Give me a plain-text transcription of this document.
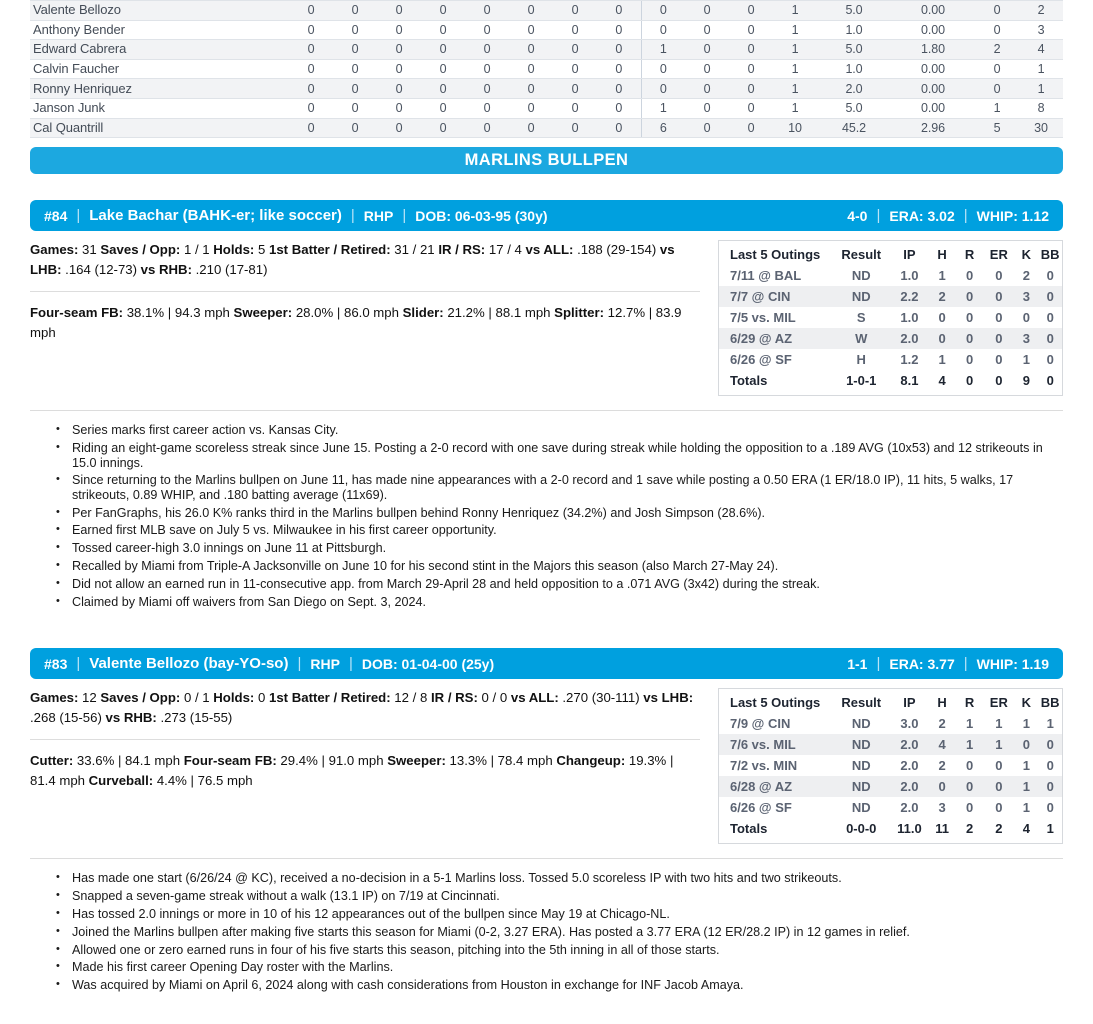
Valente Bellozo	0	0	0	0	0	0	0	0	0	0	0	1	5.0	0.00	0	2
Anthony Bender	0	0	0	0	0	0	0	0	0	0	0	1	1.0	0.00	0	3
Edward Cabrera	0	0	0	0	0	0	0	0	1	0	0	1	5.0	1.80	2	4
Calvin Faucher	0	0	0	0	0	0	0	0	0	0	0	1	1.0	0.00	0	1
Ronny Henriquez	0	0	0	0	0	0	0	0	0	0	0	1	2.0	0.00	0	1
Janson Junk	0	0	0	0	0	0	0	0	1	0	0	1	5.0	0.00	1	8
Cal Quantrill	0	0	0	0	0	0	0	0	6	0	0	10	45.2	2.96	5	30
MARLINS BULLPEN
#84 | Lake Bachar (BAHK-er; like soccer) | RHP | DOB: 06-03-95 (30y)	4-0 | ERA: 3.02 | WHIP: 1.12
Games: 31 Saves / Opp: 1 / 1 Holds: 5 1st Batter / Retired: 31 / 21 IR / RS: 17 / 4 vs ALL: .188 (29-154) vs LHB: .164 (12-73) vs RHB: .210 (17-81)
Four-seam FB: 38.1% | 94.3 mph Sweeper: 28.0% | 86.0 mph Slider: 21.2% | 88.1 mph Splitter: 12.7% | 83.9 mph
Last 5 Outings	Result	IP	H	R	ER	K	BB
7/11 @ BAL	ND	1.0	1	0	0	2	0
7/7 @ CIN	ND	2.2	2	0	0	3	0
7/5 vs. MIL	S	1.0	0	0	0	0	0
6/29 @ AZ	W	2.0	0	0	0	3	0
6/26 @ SF	H	1.2	1	0	0	1	0
Totals	1-0-1	8.1	4	0	0	9	0
• Series marks first career action vs. Kansas City.
• Riding an eight-game scoreless streak since June 15. Posting a 2-0 record with one save during streak while holding the opposition to a .189 AVG (10x53) and 12 strikeouts in 15.0 innings.
• Since returning to the Marlins bullpen on June 11, has made nine appearances with a 2-0 record and 1 save while posting a 0.50 ERA (1 ER/18.0 IP), 11 hits, 5 walks, 17 strikeouts, 0.89 WHIP, and .180 batting average (11x69).
• Per FanGraphs, his 26.0 K% ranks third in the Marlins bullpen behind Ronny Henriquez (34.2%) and Josh Simpson (28.6%).
• Earned first MLB save on July 5 vs. Milwaukee in his first career opportunity.
• Tossed career-high 3.0 innings on June 11 at Pittsburgh.
• Recalled by Miami from Triple-A Jacksonville on June 10 for his second stint in the Majors this season (also March 27-May 24).
• Did not allow an earned run in 11-consecutive app. from March 29-April 28 and held opposition to a .071 AVG (3x42) during the streak.
• Claimed by Miami off waivers from San Diego on Sept. 3, 2024.
#83 | Valente Bellozo (bay-YO-so) | RHP | DOB: 01-04-00 (25y)	1-1 | ERA: 3.77 | WHIP: 1.19
Games: 12 Saves / Opp: 0 / 1 Holds: 0 1st Batter / Retired: 12 / 8 IR / RS: 0 / 0 vs ALL: .270 (30-111) vs LHB: .268 (15-56) vs RHB: .273 (15-55)
Cutter: 33.6% | 84.1 mph Four-seam FB: 29.4% | 91.0 mph Sweeper: 13.3% | 78.4 mph Changeup: 19.3% | 81.4 mph Curveball: 4.4% | 76.5 mph
Last 5 Outings	Result	IP	H	R	ER	K	BB
7/9 @ CIN	ND	3.0	2	1	1	1	1
7/6 vs. MIL	ND	2.0	4	1	1	0	0
7/2 vs. MIN	ND	2.0	2	0	0	1	0
6/28 @ AZ	ND	2.0	0	0	0	1	0
6/26 @ SF	ND	2.0	3	0	0	1	0
Totals	0-0-0	11.0	11	2	2	4	1
• Has made one start (6/26/24 @ KC), received a no-decision in a 5-1 Marlins loss. Tossed 5.0 scoreless IP with two hits and two strikeouts.
• Snapped a seven-game streak without a walk (13.1 IP) on 7/19 at Cincinnati.
• Has tossed 2.0 innings or more in 10 of his 12 appearances out of the bullpen since May 19 at Chicago-NL.
• Joined the Marlins bullpen after making five starts this season for Miami (0-2, 3.27 ERA). Has posted a 3.77 ERA (12 ER/28.2 IP) in 12 games in relief.
• Allowed one or zero earned runs in four of his five starts this season, pitching into the 5th inning in all of those starts.
• Made his first career Opening Day roster with the Marlins.
• Was acquired by Miami on April 6, 2024 along with cash considerations from Houston in exchange for INF Jacob Amaya.
